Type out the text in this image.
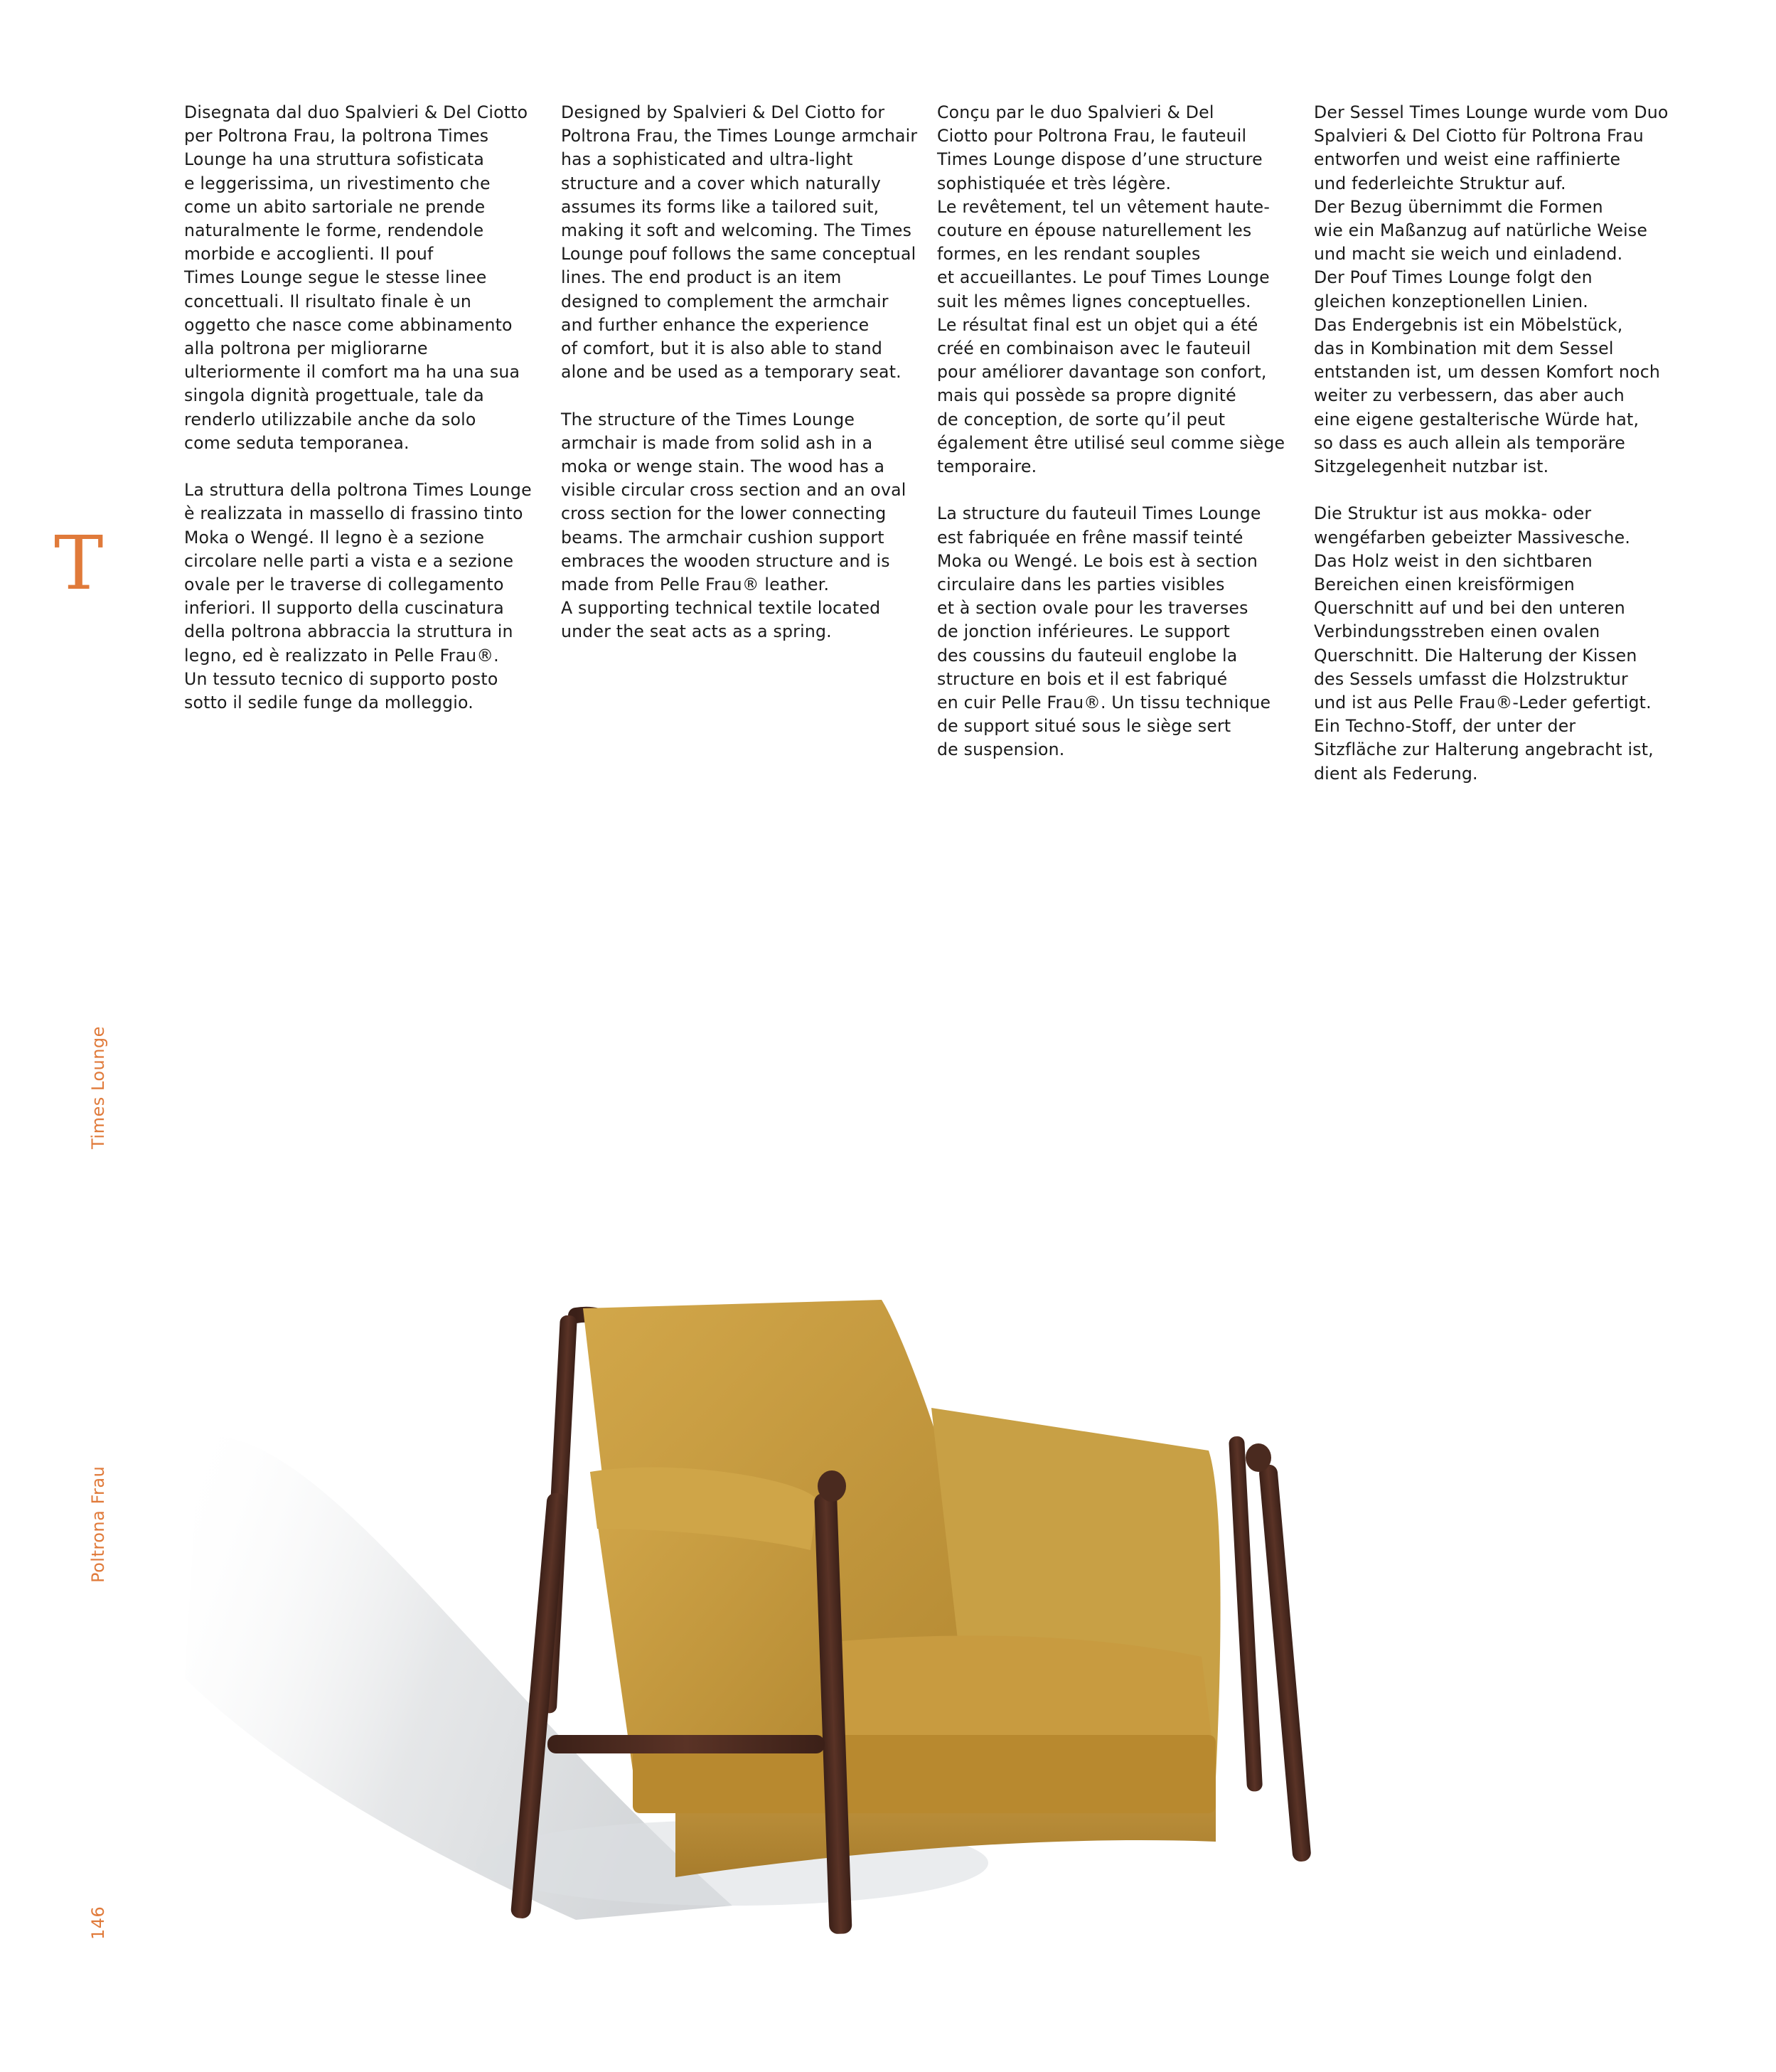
T

Disegnata dal duo Spalvieri & Del Ciotto
per Poltrona Frau, la poltrona Times
Lounge ha una struttura sofisticata
e leggerissima, un rivestimento che
come un abito sartoriale ne prende
naturalmente le forme, rendendole
morbide e accoglienti. Il pouf
Times Lounge segue le stesse linee
concettuali. Il risultato finale è un
oggetto che nasce come abbinamento
alla poltrona per migliorarne
ulteriormente il comfort ma ha una sua
singola dignità progettuale, tale da
renderlo utilizzabile anche da solo
come seduta temporanea.

La struttura della poltrona Times Lounge
è realizzata in massello di frassino tinto
Moka o Wengé. Il legno è a sezione
circolare nelle parti a vista e a sezione
ovale per le traverse di collegamento
inferiori. Il supporto della cuscinatura
della poltrona abbraccia la struttura in
legno, ed è realizzato in Pelle Frau®.
Un tessuto tecnico di supporto posto
sotto il sedile funge da molleggio.

Designed by Spalvieri & Del Ciotto for
Poltrona Frau, the Times Lounge armchair
has a sophisticated and ultra-light
structure and a cover which naturally
assumes its forms like a tailored suit,
making it soft and welcoming. The Times
Lounge pouf follows the same conceptual
lines. The end product is an item
designed to complement the armchair
and further enhance the experience
of comfort, but it is also able to stand
alone and be used as a temporary seat.

The structure of the Times Lounge
armchair is made from solid ash in a
moka or wenge stain. The wood has a
visible circular cross section and an oval
cross section for the lower connecting
beams. The armchair cushion support
embraces the wooden structure and is
made from Pelle Frau® leather.
A supporting technical textile located
under the seat acts as a spring.

Conçu par le duo Spalvieri & Del
Ciotto pour Poltrona Frau, le fauteuil
Times Lounge dispose d’une structure
sophistiquée et très légère.
Le revêtement, tel un vêtement haute-
couture en épouse naturellement les
formes, en les rendant souples
et accueillantes. Le pouf Times Lounge
suit les mêmes lignes conceptuelles.
Le résultat final est un objet qui a été
créé en combinaison avec le fauteuil
pour améliorer davantage son confort,
mais qui possède sa propre dignité
de conception, de sorte qu’il peut
également être utilisé seul comme siège
temporaire.

La structure du fauteuil Times Lounge
est fabriquée en frêne massif teinté
Moka ou Wengé. Le bois est à section
circulaire dans les parties visibles
et à section ovale pour les traverses
de jonction inférieures. Le support
des coussins du fauteuil englobe la
structure en bois et il est fabriqué
en cuir Pelle Frau®. Un tissu technique
de support situé sous le siège sert
de suspension.

Der Sessel Times Lounge wurde vom Duo
Spalvieri & Del Ciotto für Poltrona Frau
entworfen und weist eine raffinierte
und federleichte Struktur auf.
Der Bezug übernimmt die Formen
wie ein Maßanzug auf natürliche Weise
und macht sie weich und einladend.
Der Pouf Times Lounge folgt den
gleichen konzeptionellen Linien.
Das Endergebnis ist ein Möbelstück,
das in Kombination mit dem Sessel
entstanden ist, um dessen Komfort noch
weiter zu verbessern, das aber auch
eine eigene gestalterische Würde hat,
so dass es auch allein als temporäre
Sitzgelegenheit nutzbar ist.

Die Struktur ist aus mokka- oder
wengéfarben gebeizter Massivesche.
Das Holz weist in den sichtbaren
Bereichen einen kreisförmigen
Querschnitt auf und bei den unteren
Verbindungsstreben einen ovalen
Querschnitt. Die Halterung der Kissen
des Sessels umfasst die Holzstruktur
und ist aus Pelle Frau®-Leder gefertigt.
Ein Techno-Stoff, der unter der
Sitzfläche zur Halterung angebracht ist,
dient als Federung.

Times Lounge
Poltrona Frau
146
